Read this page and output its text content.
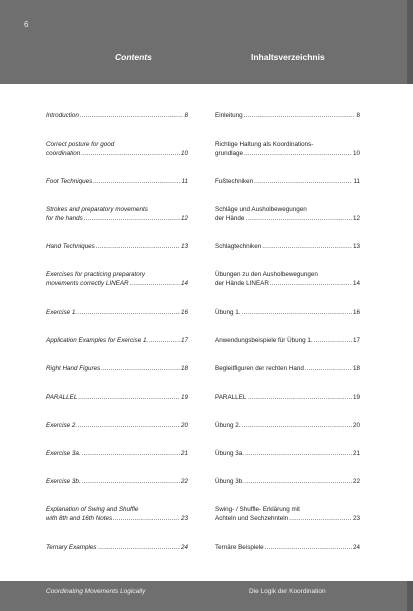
6
Contents	Inhaltsverzeichnis
Introduction .....	8
Correct posture for good
coordination .....	10
Foot Techniques .....	11
Strokes and preparatory movements
for the hands .....	12
Hand Techniques .....	13
Exercises for practicing preparatory
movements correctly LINEAR .....	14
Exercise 1. .....	16
Application Examples for Exercise 1. .....	17
Right Hand Figures .....	18
PARALLEL .....	19
Exercise 2. .....	20
Exercise 3a. .....	21
Exercise 3b. .....	22
Explanation of Swing and Shuffle
with 8th and 16th Notes .....	23
Ternary Examples .....	24
Einleitung .....	8
Richtige Haltung als Koordinations-
grundlage .....	10
Fußtechniken .....	11
Schläge und Ausholbewegungen
der Hände .....	12
Schlagtechniken .....	13
Übungen zu den Ausholbewegungen
der Hände LINEAR .....	14
Übung 1. .....	16
Anwendungsbeispiele für Übung 1. .....	17
Begleitfiguren der rechten Hand .....	18
PARALLEL .....	19
Übung 2. .....	20
Übung 3a. .....	21
Übung 3b. .....	22
Swing- / Shuffle- Erklärung mit
Achteln und Sechzehnteln .....	23
Ternäre Beispiele .....	24
Coordinating Movements Logically	Die Logik der Koordination
